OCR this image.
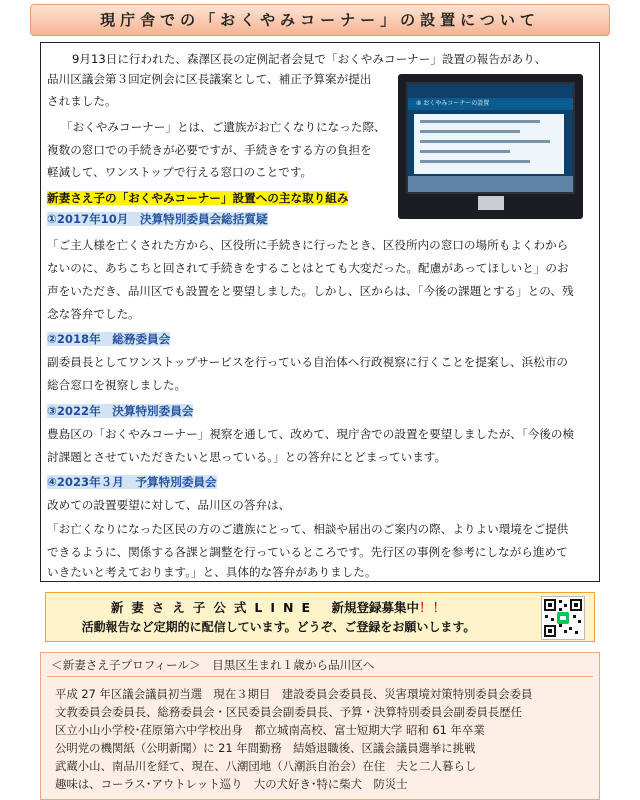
現庁舎での「おくやみコーナー」の設置について
9月13日に行われた、森澤区長の定例記者会見で「おくやみコーナー」設置の報告があり、
品川区議会第３回定例会に区長議案として、補正予算案が提出
されました。
「おくやみコーナー」とは、ご遺族がお亡くなりになった際、
複数の窓口での手続きが必要ですが、手続きをする方の負担を
軽減して、ワンストップで行える窓口のことです。
新妻さえ子の「おくやみコーナー」設置への主な取り組み
④ おくやみコーナーの設置
①2017年10月　決算特別委員会総括質疑
「ご主人様を亡くされた方から、区役所に手続きに行ったとき、区役所内の窓口の場所もよくわから
ないのに、あちこちと回されて手続きをすることはとても大変だった。配慮があってほしいと」のお
声をいただき、品川区でも設置をと要望しました。しかし、区からは、「今後の課題とする」との、残
念な答弁でした。
②2018年　総務委員会
副委員長としてワンストップサービスを行っている自治体へ行政視察に行くことを提案し、浜松市の
総合窓口を視察しました。
③2022年　決算特別委員会
豊島区の「おくやみコーナー」視察を通して、改めて、現庁舎での設置を要望しましたが、「今後の検
討課題とさせていただきたいと思っている。」との答弁にとどまっています。
④2023年３月　予算特別委員会
改めての設置要望に対して、品川区の答弁は、
「お亡くなりになった区民の方のご遺族にとって、相談や届出のご案内の際、よりよい環境をご提供
できるように、関係する各課と調整を行っているところです。先行区の事例を参考にしながら進めて
いきたいと考えております。」と、具体的な答弁がありました。
新妻さえ子公式LINE　 新規登録募集中！！
活動報告など定期的に配信しています。どうぞ、ご登録をお願いします。
＜新妻さえ子プロフィール＞　目黒区生まれ１歳から品川区へ
平成 27 年区議会議員初当選　現在３期目　建設委員会委員長、災害環境対策特別委員会委員
文教委員会委員長、総務委員会・区民委員会副委員長、予算・決算特別委員会副委員長歴任
区立小山小学校･荏原第六中学校出身　都立城南高校、富士短期大学 昭和 61 年卒業
公明党の機関紙（公明新聞）に 21 年間勤務　結婚退職後、区議会議員選挙に挑戦
武蔵小山、南品川を経て、現在、八潮団地（八潮浜自治会）在住　夫と二人暮らし
趣味は、コーラス･アウトレット巡り　大の犬好き･特に柴犬　防災士
